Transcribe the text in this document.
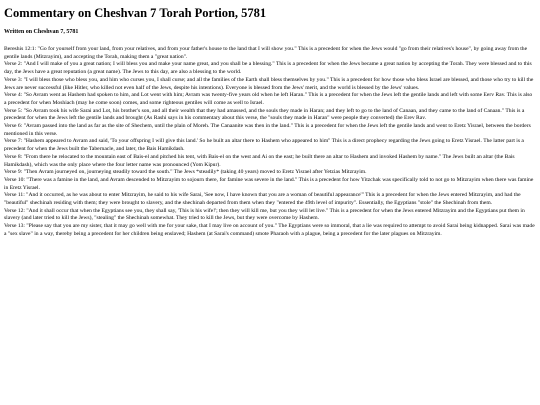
Commentary on Cheshvan 7 Torah Portion, 5781

Written on Cheshvan 7, 5781

Bereshis 12:1: "Go for yourself from your land, from your relatives, and from your father's house to the land that I will show you." This is a precedent for when the Jews would "go from their relatives's house", by going away from the gentile lands (Mitzrayim), and accepting the Torah, making them a "great nation".

Verse 2: "And I will make of you a great nation; I will bless you and make your name great, and you shall be a blessing." This is a precedent for when the Jews became a great nation by accepting the Torah. They were blessed and to this day, the Jews have a great reputation (a great name). The Jews to this day, are also a blessing to the world.

Verse 3: "I will bless those who bless you, and him who curses you, I shall curse; and all the families of the Earth shall bless themselves by you." This is a precedent for how those who bless Israel are blessed, and those who try to kill the Jews are never successful (like Hitler, who killed not even half of the Jews, despite his intentions). Everyone is blessed from the Jews' merit, and the world is blessed by the Jews' values.

Verse 4: "So Avram went as Hashem had spoken to him, and Lot went with him; Avram was twenty-five years old when he left Haran." This is a precedent for when the Jews left the gentile lands and left with some Eerv Rav. This is also a precedent for when Moshiach (may he come soon) comes, and some righteous gentiles will come as well to Israel.

Verse 5: "So Avram took his wife Sarai and Lot, his brother's son, and all their wealth that they had amassed, and the souls they made in Haran; and they left to go to the land of Canaan, and they came to the land of Canaan." This is a precedent for when the Jews left the gentile lands and brought (As Rashi says in his commentary about this verse, the "souls they made in Haran" were people they converted) the Erev Rav.

Verse 6: "Avram passed into the land as far as the site of Shechem, until the plain of Moreh. The Canaanite was then in the land." This is a precedent for when the Jews left the gentile lands and went to Eretz Yisrael, between the borders mentioned in this verse.

Verse 7: "Hashem appeared to Avram and said, 'To your offspring I will give this land.' So he built an altar there to Hashem who appeared to him" This is a direct prophecy regarding the Jews going to Eretz Yisrael. The latter part is a precedent for when the Jews built the Tabernacle, and later, the Bais Hamikdash.

Verse 8: "From there he relocated to the mountain east of Bais-el and pitched his tent, with Bais-el on the west and Ai on the east; he built there an altar to Hashem and invoked Hashem by name." The Jews built an altar (the Bais Hamikdash), which was the only place where the four letter name was pronounced (Yom Kipur).

Verse 9: "Then Avram journeyed on, journeying steadily toward the south." The Jews *steadily* (taking 40 years) moved to Eretz Yisrael after Yetzias Mitzrayim.

Verse 10: "There was a famine in the land, and Avram descended to Mitzrayim to sojourn there, for famine was severe in the land." This is a precedent for how Yitzchak was specifically told to not go to Mitzrayim when there was famine in Eretz Yisrael.

Verse 11: "And it occurred, as he was about to enter Mitzrayim, he said to his wife Sarai, 'See now, I have known that you are a woman of beautiful appearance'" This is a precedent for when the Jews entered Mitzrayim, and had the "beautiful" shechinah residing with them; they were brought to slavery, and the shechinah departed from them when they "entered the 49th level of impurity". Essentially, the Egyptians "stole" the Shechinah from them.

Verse 12: "And it shall occur that when the Egyptians see you, they shall say, 'This is his wife!'; then they will kill me, but you they will let live." This is a precedent for when the Jews entered Mitzrayim and the Egyptians put them in slavery (and later tried to kill the Jews), "stealing" the Shechinah somewhat. They tried to kill the Jews, but they were overcome by Hashem.

Verse 13: "Please say that you are my sister, that it may go well with me for your sake, that I may live on account of you." The Egyptians were so immoral, that a lie was required to attempt to avoid Sarai being kidnapped. Sarai was made a "sex slave" in a way, thereby being a precedent for her children being enslaved; Hashem (at Sarai's command) smote Pharaoh with a plague, being a precedent for the later plagues on Mitzrayim.
